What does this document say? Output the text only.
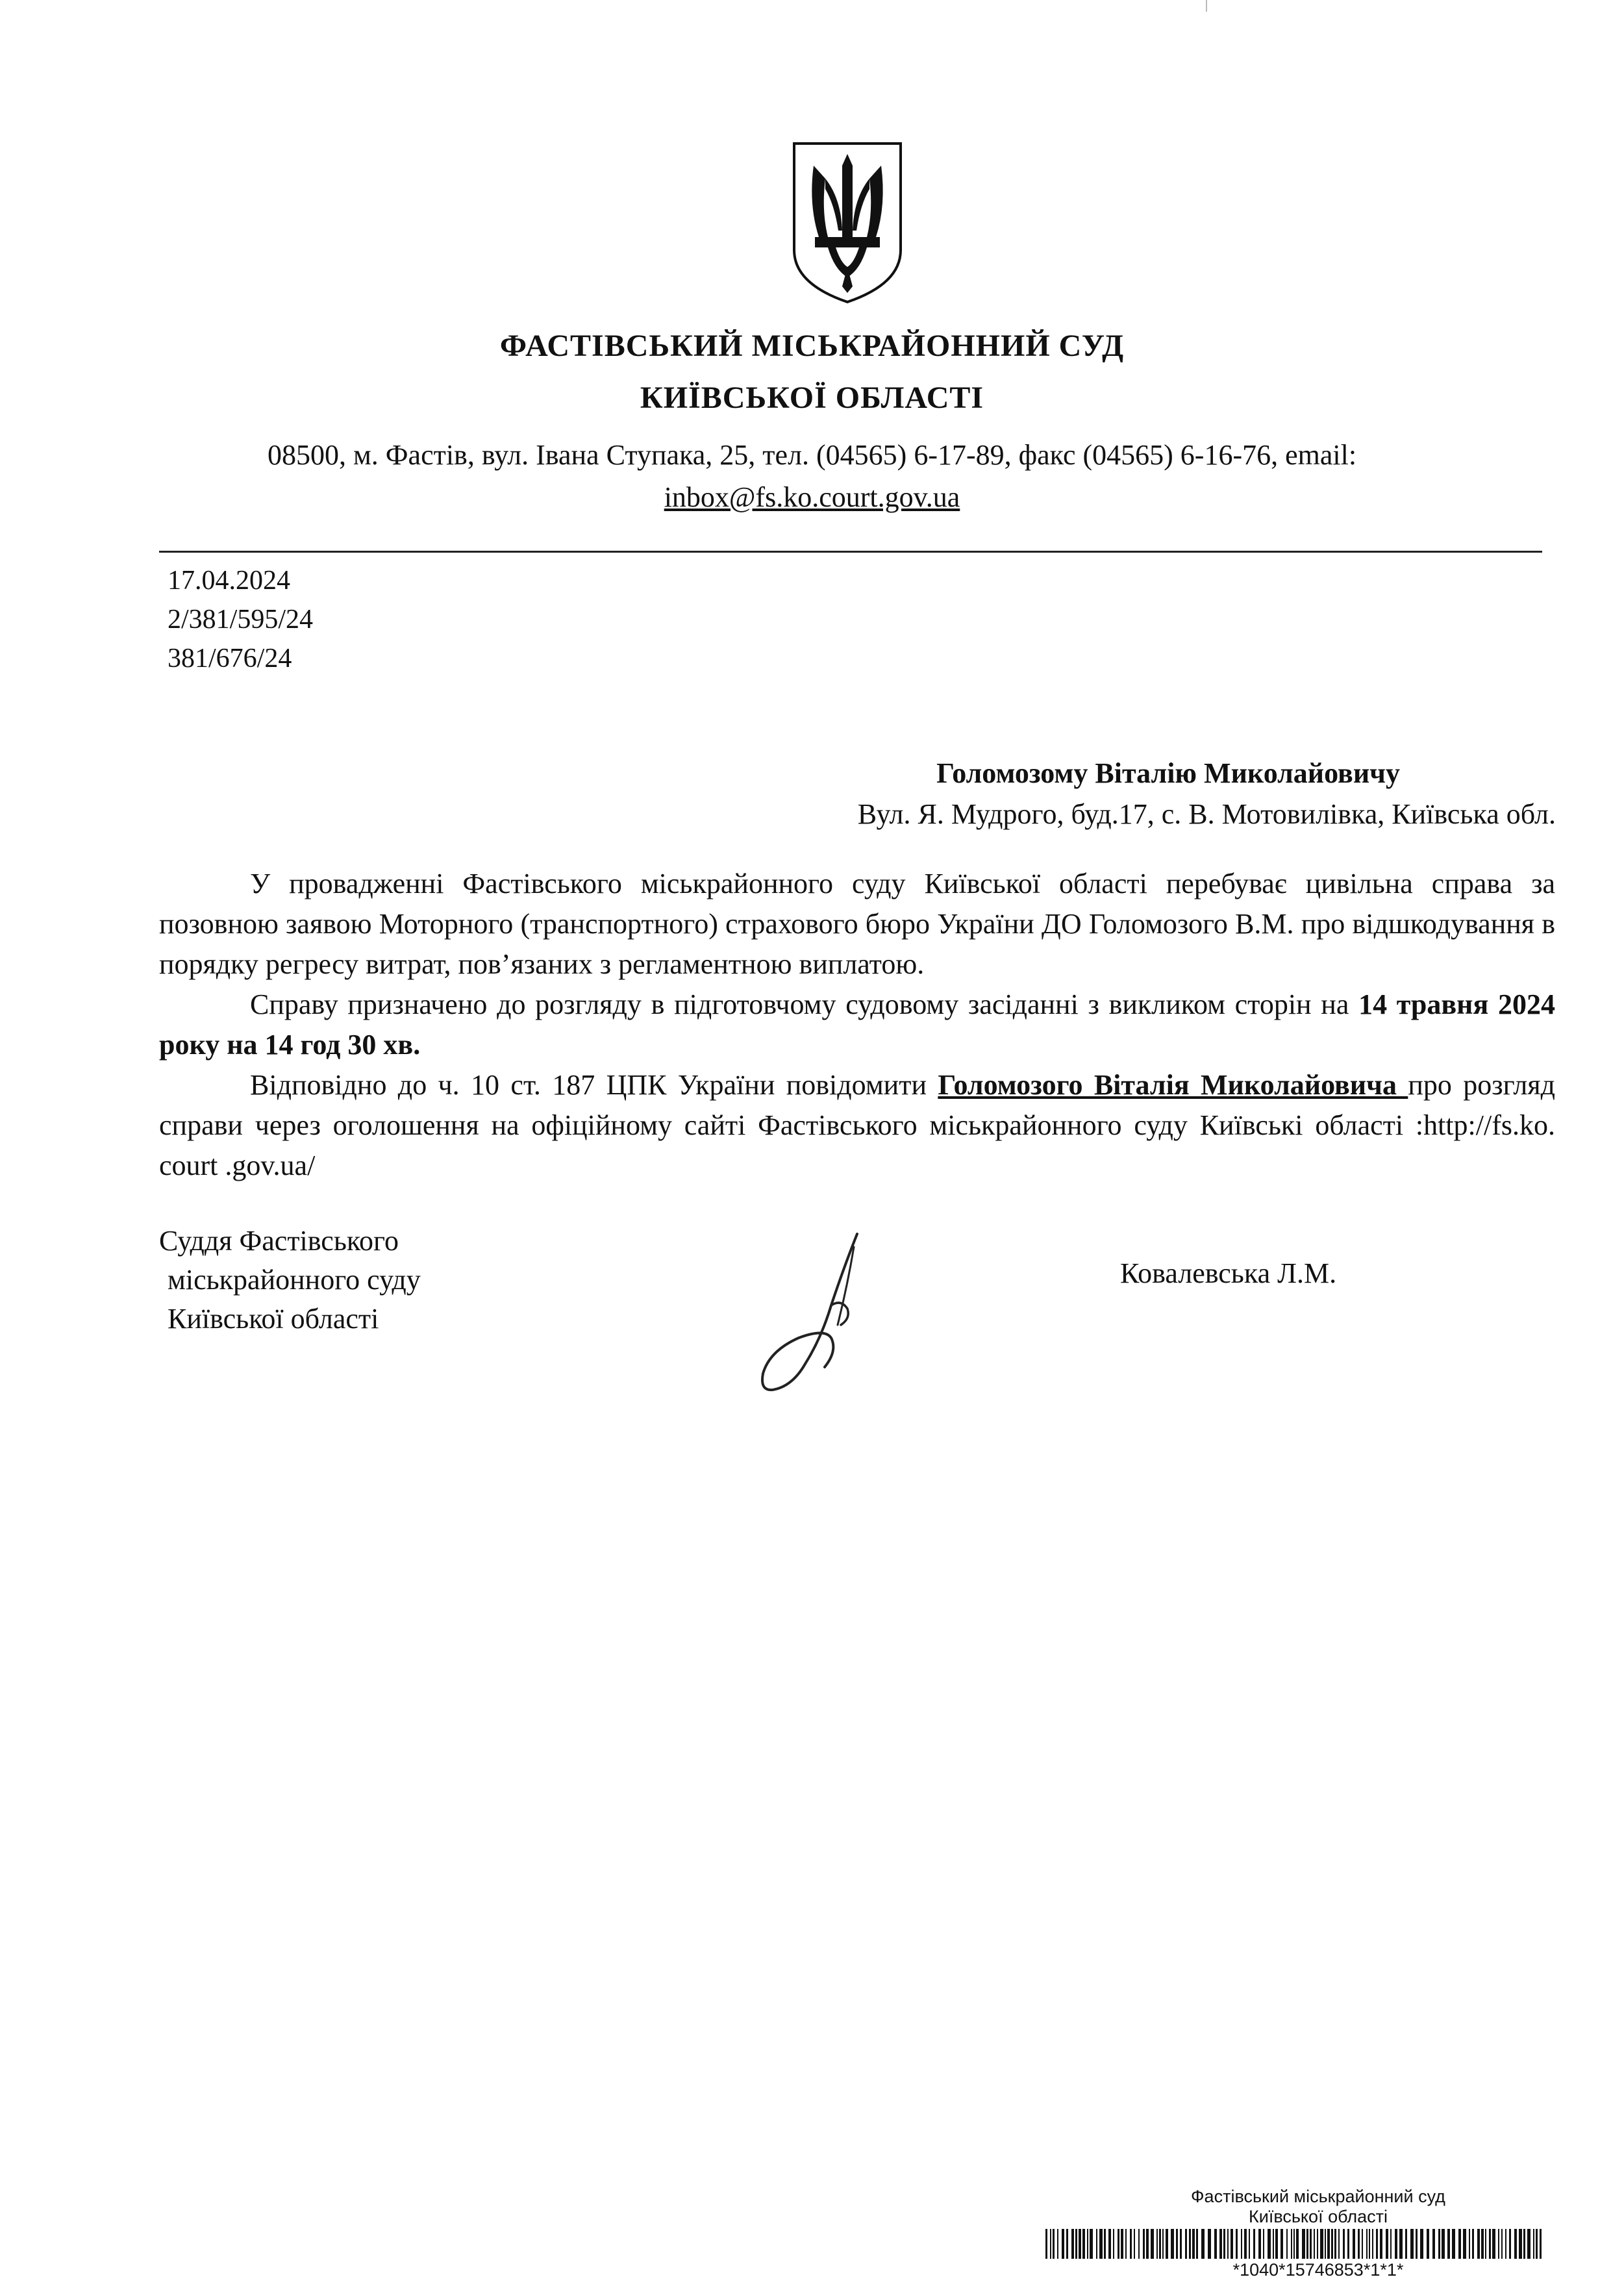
ФАСТІВСЬКИЙ МІСЬКРАЙОННИЙ СУД
КИЇВСЬКОЇ ОБЛАСТІ
08500, м. Фастів, вул. Івана Ступака, 25, тел. (04565) 6-17-89, факс (04565) 6-16-76, email:
inbox@fs.ko.court.gov.ua
17.04.2024
2/381/595/24
381/676/24
Голомозому Віталію Миколайовичу
Вул. Я. Мудрого, буд.17, с. В. Мотовилівка, Київська обл.
У провадженні Фастівського міськрайонного суду Київської області перебуває цивільна справа за позовною заявою Моторного (транспортного) страхового бюро України ДО Голомозого В.М. про відшкодування в порядку регресу витрат, пов’язаних з регламентною виплатою.
Справу призначено до розгляду в підготовчому судовому засіданні з викликом сторін на 14 травня 2024 року на 14 год 30 хв.
Відповідно до ч. 10 ст. 187 ЦПК України повідомити Голомозого Віталія Миколайовича про розгляд справи через оголошення на офіційному сайті Фастівського міськрайонного суду Київські області :http://fs.ko. court .gov.ua/
Суддя Фастівського
міськрайонного суду
Київської області
Ковалевська Л.М.
Фастівський міськрайонний суд
Київської області
*1040*15746853*1*1*
